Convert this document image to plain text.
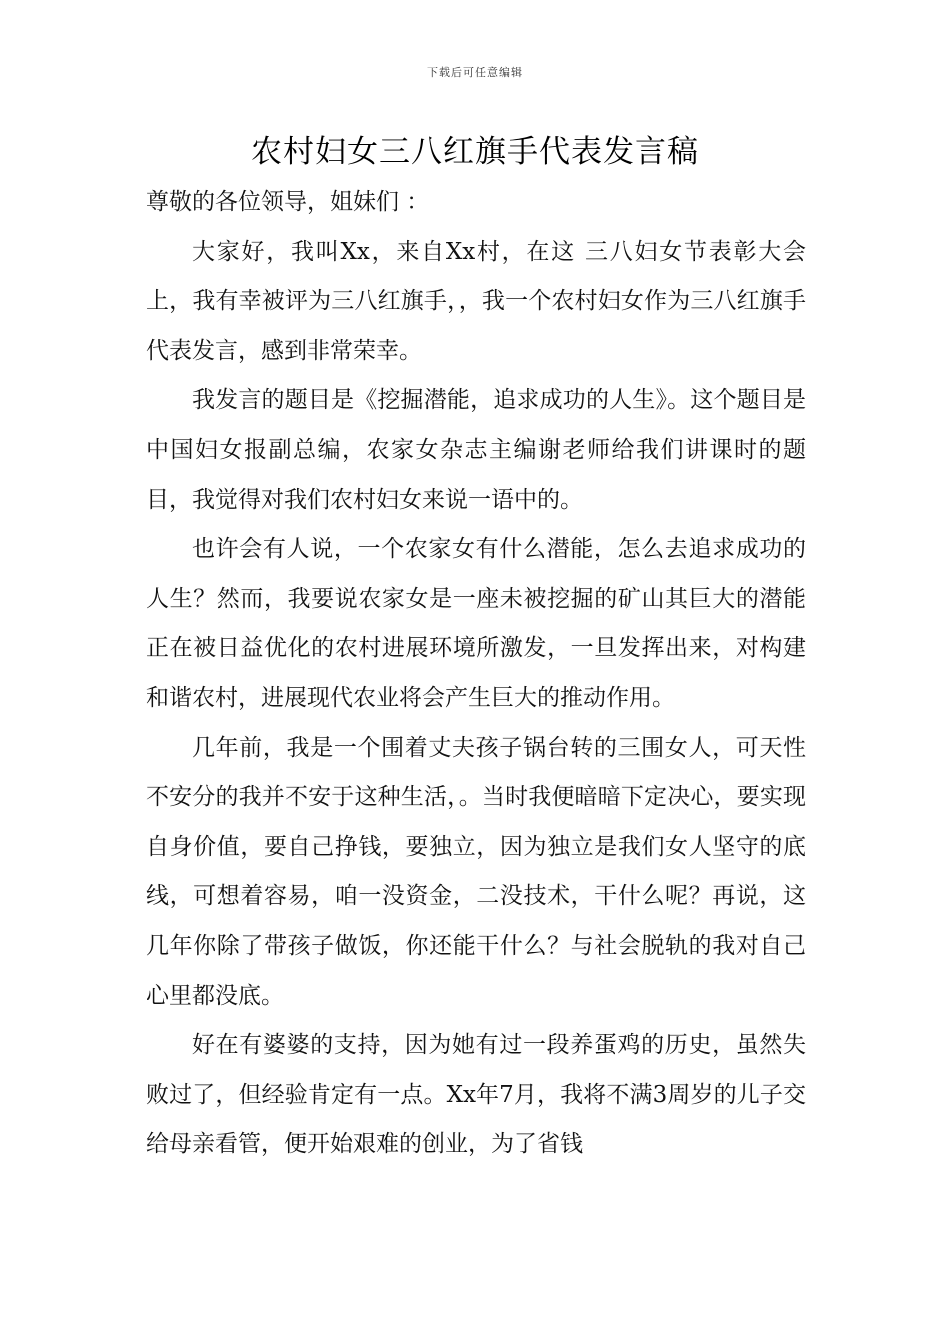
下载后可任意编辑
农村妇女三八红旗手代表发言稿

尊敬的各位领导，姐妹们 ：

大家好，我叫Xx，来自Xx村，在这 三八妇女节表彰大会上，我有幸被评为三八红旗手，，我一个农村妇女作为三八红旗手代表发言，感到非常荣幸。

我发言的题目是《挖掘潜能，追求成功的人生》。这个题目是中国妇女报副总编，农家女杂志主编谢老师给我们讲课时的题目，我觉得对我们农村妇女来说一语中的。

也许会有人说，一个农家女有什么潜能，怎么去追求成功的人生？然而，我要说农家女是一座未被挖掘的矿山其巨大的潜能正在被日益优化的农村进展环境所激发，一旦发挥出来，对构建和谐农村，进展现代农业将会产生巨大的推动作用。

几年前，我是一个围着丈夫孩子锅台转的三围女人，可天性不安分的我并不安于这种生活，。当时我便暗暗下定决心，要实现自身价值，要自己挣钱，要独立，因为独立是我们女人坚守的底线，可想着容易，咱一没资金，二没技术，干什么呢？再说，这几年你除了带孩子做饭，你还能干什么？与社会脱轨的我对自己心里都没底。

好在有婆婆的支持，因为她有过一段养蛋鸡的历史，虽然失败过了，但经验肯定有一点。Xx年7月，我将不满3周岁的儿子交给母亲看管，便开始艰难的创业，为了省钱
